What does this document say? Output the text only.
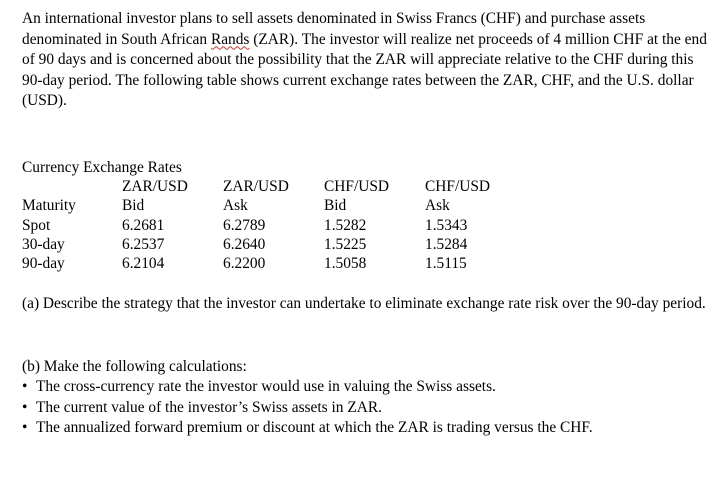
An international investor plans to sell assets denominated in Swiss Francs (CHF) and purchase assets denominated in South African Rands (ZAR). The investor will realize net proceeds of 4 million CHF at the end of 90 days and is concerned about the possibility that the ZAR will appreciate relative to the CHF during this 90-day period. The following table shows current exchange rates between the ZAR, CHF, and the U.S. dollar (USD).

Currency Exchange Rates
	ZAR/USD	ZAR/USD	CHF/USD	CHF/USD
Maturity	Bid	Ask	Bid	Ask
Spot	6.2681	6.2789	1.5282	1.5343
30-day	6.2537	6.2640	1.5225	1.5284
90-day	6.2104	6.2200	1.5058	1.5115

(a) Describe the strategy that the investor can undertake to eliminate exchange rate risk over the 90-day period.

(b) Make the following calculations:
• The cross-currency rate the investor would use in valuing the Swiss assets.
• The current value of the investor’s Swiss assets in ZAR.
• The annualized forward premium or discount at which the ZAR is trading versus the CHF.
